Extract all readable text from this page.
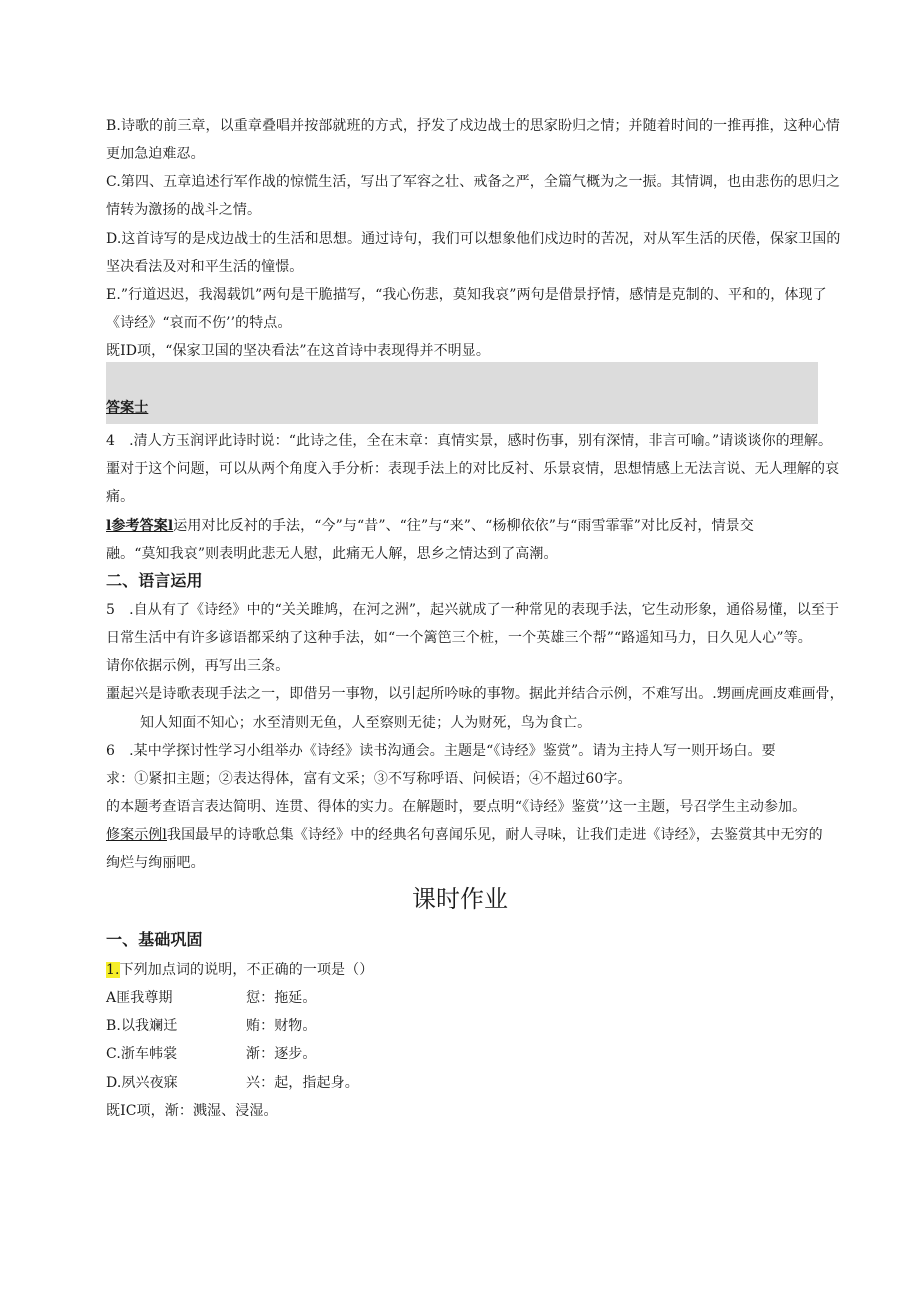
B.诗歌的前三章，以重章叠唱并按部就班的方式，抒发了戍边战士的思家盼归之情；并随着时间的一推再推，这种心情
更加急迫难忍。
C.第四、五章追述行军作战的惊慌生活，写出了军容之壮、戒备之严，全篇气概为之一振。其情调，也由悲伤的思归之
情转为激扬的战斗之情。
D.这首诗写的是戍边战士的生活和思想。通过诗句，我们可以想象他们戍边时的苦况，对从军生活的厌倦，保家卫国的
坚决看法及对和平生活的憧憬。
E.”行道迟迟，我渴载饥”两句是干脆描写，“我心伤悲，莫知我哀”两句是借景抒情，感情是克制的、平和的，体现了
《诗经》“哀而不伤’’的特点。
既ID项，“保家卫国的坚决看法”在这首诗中表现得并不明显。
答案士
4　.清人方玉润评此诗时说：“此诗之佳，全在末章：真情实景，感时伤事，别有深情，非言可喻。”请谈谈你的理解。
噩对于这个问题，可以从两个角度入手分析：表现手法上的对比反衬、乐景哀情，思想情感上无法言说、无人理解的哀
痛。
l参考答案l运用对比反衬的手法，“今”与“昔”、“往”与“来”、“杨柳依依”与“雨雪霏霏”对比反衬，情景交
融。“莫知我哀”则表明此悲无人慰，此痛无人解，思乡之情达到了高潮。
二、语言运用
5　.自从有了《诗经》中的“关关雎鸠，在河之洲”，起兴就成了一种常见的表现手法，它生动形象，通俗易懂，以至于
日常生活中有许多谚语都采纳了这种手法，如“一个篱笆三个桩，一个英雄三个帮”“路遥知马力，日久见人心”等。
请你依据示例，再写出三条。
噩起兴是诗歌表现手法之一，即借另一事物，以引起所吟咏的事物。据此并结合示例，不难写出。.甥画虎画皮难画骨，
知人知面不知心；水至清则无鱼，人至察则无徒；人为财死，鸟为食亡。
6　.某中学探讨性学习小组举办《诗经》读书沟通会。主题是“《诗经》鉴赏”。请为主持人写一则开场白。要
求：①紧扣主题；②表达得体，富有文采；③不写称呼语、问候语；④不超过60字。
的本题考查语言表达简明、连贯、得体的实力。在解题时，要点明“《诗经》鉴赏’’这一主题，号召学生主动参加。
修案示例l我国最早的诗歌总集《诗经》中的经典名句喜闻乐见，耐人寻味，让我们走进《诗经》，去鉴赏其中无穷的
绚烂与绚丽吧。
课时作业
一、基础巩固
1.下列加点词的说明，不正确的一项是（）
A匪我尊期	愆：拖延。
B.以我斓迁	贿：财物。
C.浙车帏裳	渐：逐步。
D.夙兴夜寐	兴：起，指起身。
既IC项，渐：溅湿、浸湿。
